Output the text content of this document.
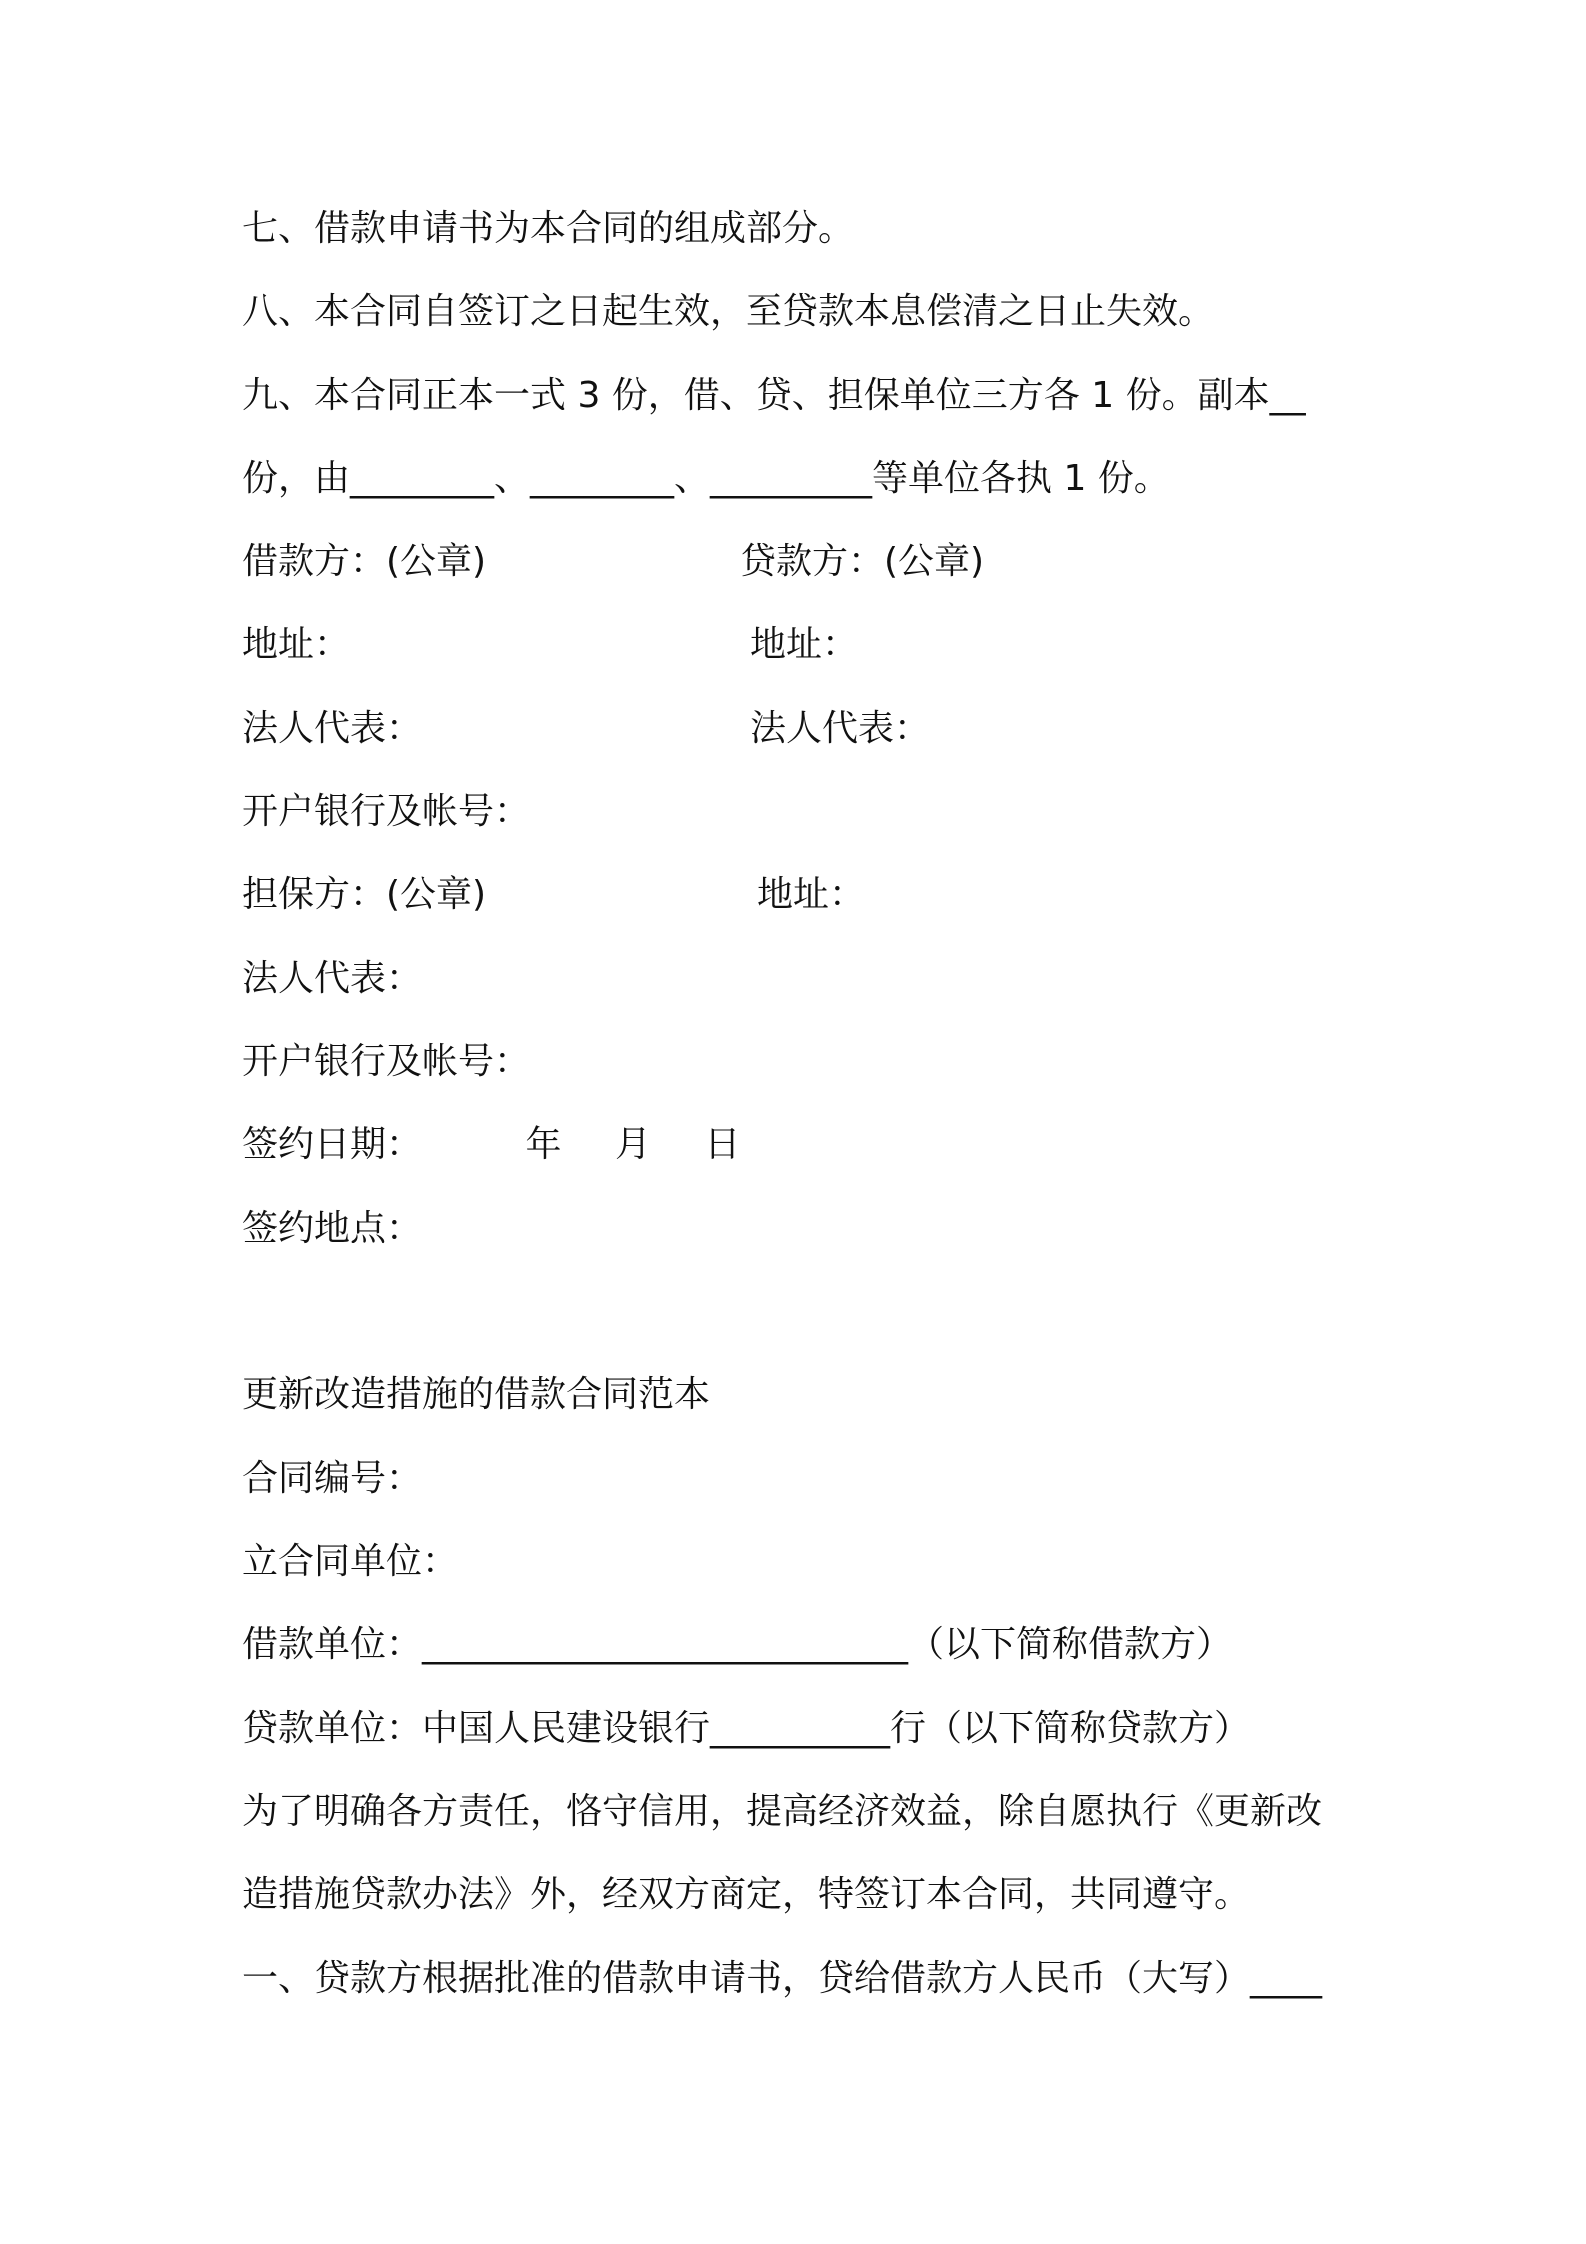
七、借款申请书为本合同的组成部分。
八、本合同自签订之日起生效，至贷款本息偿清之日止失效。
九、本合同正本一式 3 份，借、贷、担保单位三方各 1 份。副本__
份，由________、________、_________等单位各执 1 份。
借款方：(公章)	贷款方：(公章)
地址：	地址：
法人代表：	法人代表：
开户银行及帐号：
担保方：(公章)	地址：
法人代表：
开户银行及帐号：
签约日期：	年 月 日
签约地点：
更新改造措施的借款合同范本
合同编号：
立合同单位：
借款单位：___________________________（以下简称借款方）
贷款单位：中国人民建设银行__________行（以下简称贷款方）
为了明确各方责任，恪守信用，提高经济效益，除自愿执行《更新改
造措施贷款办法》外，经双方商定，特签订本合同，共同遵守。
一、贷款方根据批准的借款申请书，贷给借款方人民币（大写）____
